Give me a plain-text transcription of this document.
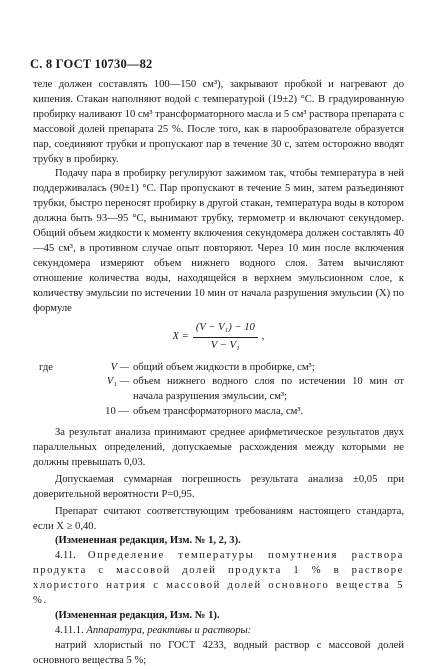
С. 8 ГОСТ 10730—82

теле должен составлять 100—150 см³), закрывают пробкой и нагревают до кипения. Стакан наполняют водой с температурой (19±2) °С. В градуированную пробирку наливают 10 см³ трансформаторного масла и 5 см³ раствора препарата с массовой долей препарата 25 %. После того, как в парообразователе образуется пар, соединяют трубки и пропускают пар в течение 30 с, затем осторожно вводят трубку в пробирку.

Подачу пара в пробирку регулируют зажимом так, чтобы температура в ней поддерживалась (90±1) °С. Пар пропускают в течение 5 мин, затем разъединяют трубки, быстро переносят пробирку в другой стакан, температура воды в котором должна быть 93—95 °С, вынимают трубку, термометр и включают секундомер. Общий объем жидкости к моменту включения секундомера должен составлять 40—45 см³, в противном случае опыт повторяют. Через 10 мин после включения секундомера измеряют объем нижнего водного слоя. Затем вычисляют отношение количества воды, находящейся в верхнем эмульсионном слое, к количеству эмульсии по истечении 10 мин от начала разрушения эмульсии (X) по формуле

$X = \frac{\text{(V − V₁) − 10}}{\text{V − V₁}}$ ,
где	V — общий объем жидкости в пробирке, см³;
V₁ — объем нижнего водного слоя по истечении 10 мин от начала разрушения эмульсии, см³;
10 — объем трансформаторного масла, см³.

За результат анализа принимают среднее арифметическое результатов двух параллельных определений, допускаемые расхождения между которыми не должны превышать 0,03.

Допускаемая суммарная погрешность результата анализа ±0,05 при доверительной вероятности P=0,95.

Препарат считают соответствующим требованиям настоящего стандарта, если X ≥ 0,40.

(Измененная редакция, Изм. № 1, 2, 3).

4.11. Определение температуры помутнения раствора продукта с массовой долей продукта 1 % в растворе хлористого натрия с массовой долей основного вещества 5 %.

(Измененная редакция, Изм. № 1).

4.11.1. Аппаратура, реактивы и растворы:

натрий хлористый по ГОСТ 4233, водный раствор с массовой долей основного вещества 5 %;
